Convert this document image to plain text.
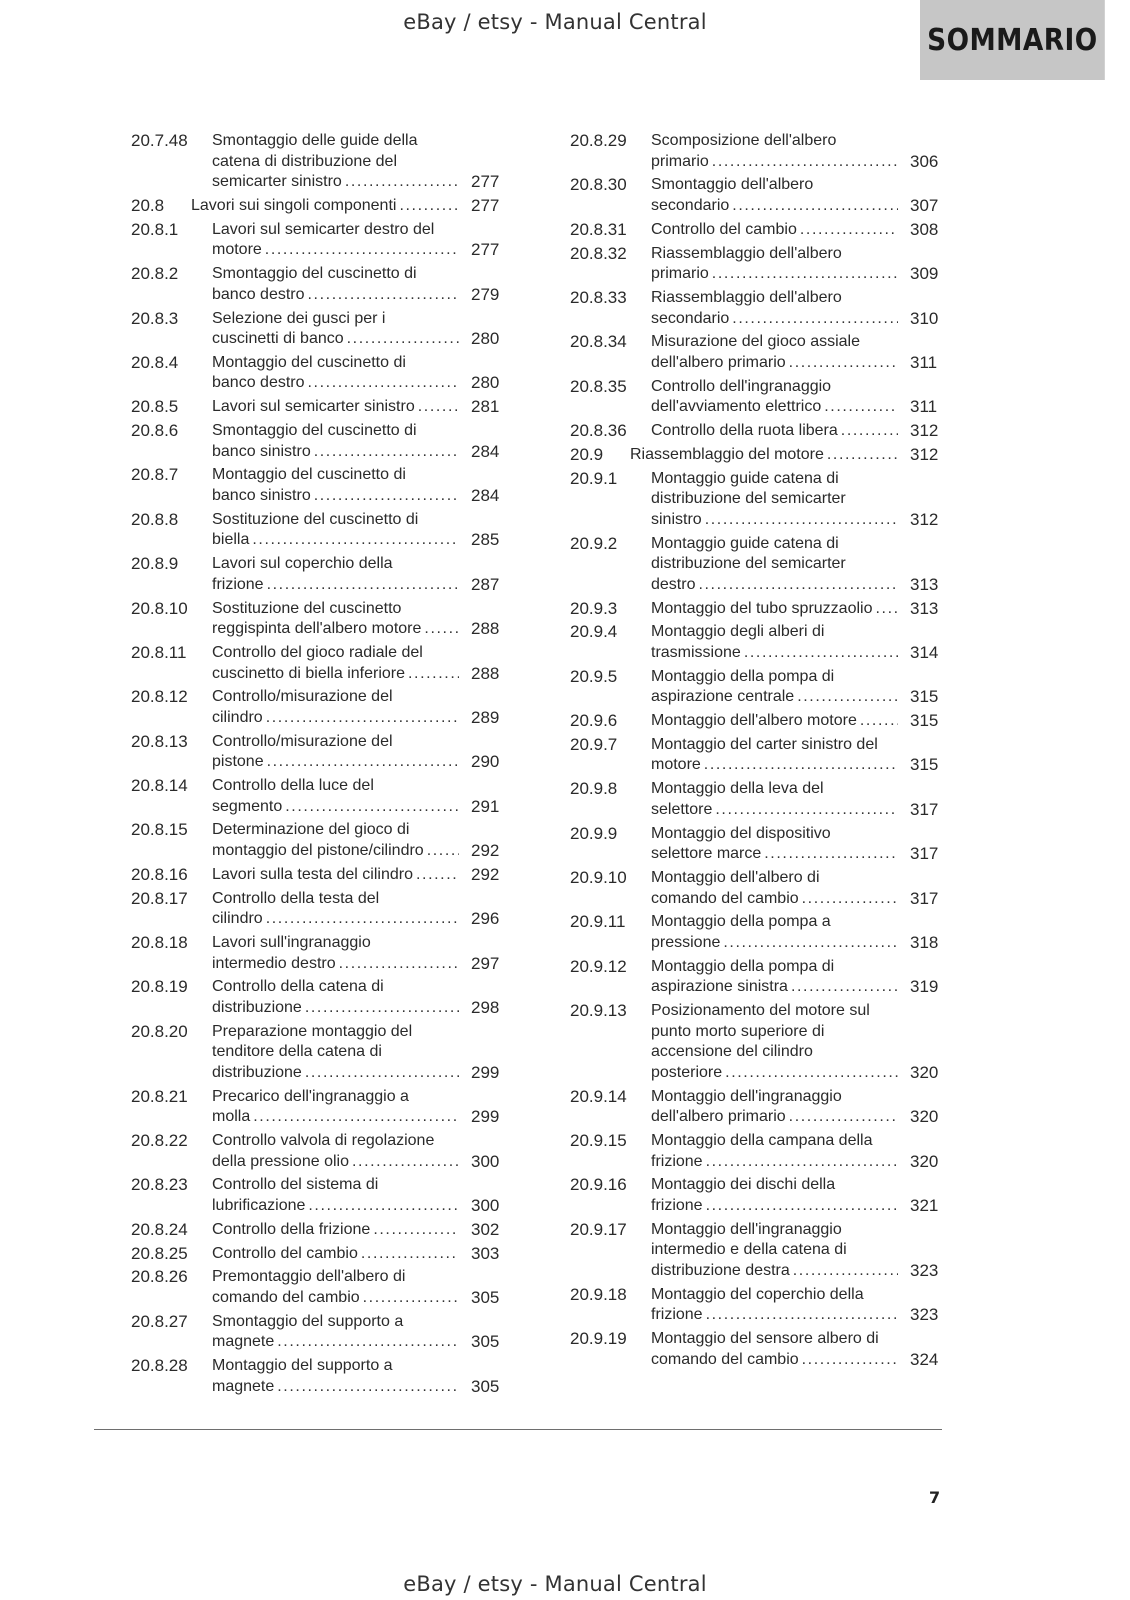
eBay / etsy - Manual Central
SOMMARIO
20.7.48 Smontaggio delle guide della
catena di distribuzione del
semicarter sinistro .....	277
20.8 Lavori sui singoli componenti .....	277
20.8.1 Lavori sul semicarter destro del
motore .....	277
20.8.2 Smontaggio del cuscinetto di
banco destro .....	279
20.8.3 Selezione dei gusci per i
cuscinetti di banco .....	280
20.8.4 Montaggio del cuscinetto di
banco destro .....	280
20.8.5 Lavori sul semicarter sinistro .....	281
20.8.6 Smontaggio del cuscinetto di
banco sinistro .....	284
20.8.7 Montaggio del cuscinetto di
banco sinistro .....	284
20.8.8 Sostituzione del cuscinetto di
biella .....	285
20.8.9 Lavori sul coperchio della
frizione .....	287
20.8.10 Sostituzione del cuscinetto
reggispinta dell'albero motore .....	288
20.8.11 Controllo del gioco radiale del
cuscinetto di biella inferiore .....	288
20.8.12 Controllo/misurazione del
cilindro .....	289
20.8.13 Controllo/misurazione del
pistone .....	290
20.8.14 Controllo della luce del
segmento .....	291
20.8.15 Determinazione del gioco di
montaggio del pistone/cilindro .....	292
20.8.16 Lavori sulla testa del cilindro .....	292
20.8.17 Controllo della testa del
cilindro .....	296
20.8.18 Lavori sull'ingranaggio
intermedio destro .....	297
20.8.19 Controllo della catena di
distribuzione .....	298
20.8.20 Preparazione montaggio del
tenditore della catena di
distribuzione .....	299
20.8.21 Precarico dell'ingranaggio a
molla .....	299
20.8.22 Controllo valvola di regolazione
della pressione olio .....	300
20.8.23 Controllo del sistema di
lubrificazione .....	300
20.8.24 Controllo della frizione .....	302
20.8.25 Controllo del cambio .....	303
20.8.26 Premontaggio dell'albero di
comando del cambio .....	305
20.8.27 Smontaggio del supporto a
magnete .....	305
20.8.28 Montaggio del supporto a
magnete .....	305
20.8.29 Scomposizione dell'albero
primario .....	306
20.8.30 Smontaggio dell'albero
secondario .....	307
20.8.31 Controllo del cambio .....	308
20.8.32 Riassemblaggio dell'albero
primario .....	309
20.8.33 Riassemblaggio dell'albero
secondario .....	310
20.8.34 Misurazione del gioco assiale
dell'albero primario .....	311
20.8.35 Controllo dell'ingranaggio
dell'avviamento elettrico .....	311
20.8.36 Controllo della ruota libera .....	312
20.9 Riassemblaggio del motore .....	312
20.9.1 Montaggio guide catena di
distribuzione del semicarter
sinistro .....	312
20.9.2 Montaggio guide catena di
distribuzione del semicarter
destro .....	313
20.9.3 Montaggio del tubo spruzzaolio ..... 313
20.9.4 Montaggio degli alberi di
trasmissione .....	314
20.9.5 Montaggio della pompa di
aspirazione centrale .....	315
20.9.6 Montaggio dell'albero motore .....	315
20.9.7 Montaggio del carter sinistro del
motore .....	315
20.9.8 Montaggio della leva del
selettore .....	317
20.9.9 Montaggio del dispositivo
selettore marce .....	317
20.9.10 Montaggio dell'albero di
comando del cambio .....	317
20.9.11 Montaggio della pompa a
pressione .....	318
20.9.12 Montaggio della pompa di
aspirazione sinistra .....	319
20.9.13 Posizionamento del motore sul
punto morto superiore di
accensione del cilindro
posteriore .....	320
20.9.14 Montaggio dell'ingranaggio
dell'albero primario .....	320
20.9.15 Montaggio della campana della
frizione .....	320
20.9.16 Montaggio dei dischi della
frizione .....	321
20.9.17 Montaggio dell'ingranaggio
intermedio e della catena di
distribuzione destra .....	323
20.9.18 Montaggio del coperchio della
frizione .....	323
20.9.19 Montaggio del sensore albero di
comando del cambio .....	324
7
eBay / etsy - Manual Central
